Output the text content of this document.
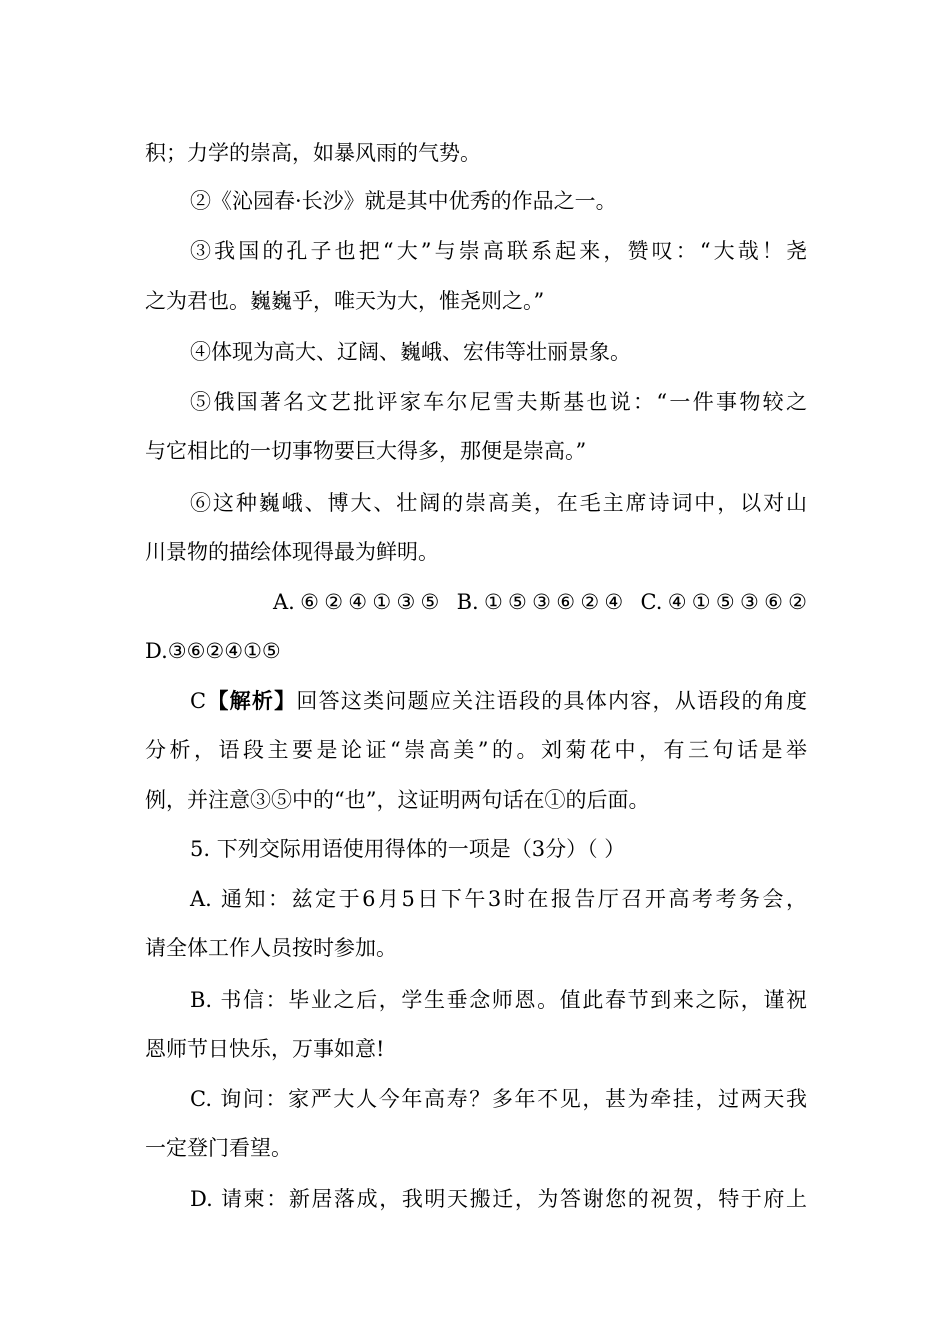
积；力学的崇高，如暴风雨的气势。
②《沁园春·长沙》就是其中优秀的作品之一。
③我国的孔子也把“大”与崇高联系起来，赞叹：“大哉！尧
之为君也。巍巍乎，唯天为大，惟尧则之。”
④体现为高大、辽阔、巍峨、宏伟等壮丽景象。
⑤俄国著名文艺批评家车尔尼雪夫斯基也说：“一件事物较之
与它相比的一切事物要巨大得多，那便是崇高。”
⑥这种巍峨、博大、壮阔的崇高美，在毛主席诗词中，以对山
川景物的描绘体现得最为鲜明。
A.⑥②④①③⑤ B.①⑤③⑥②④ C.④①⑤③⑥②
D.③⑥②④①⑤
C【解析】回答这类问题应关注语段的具体内容，从语段的角度
分析，语段主要是论证“崇高美”的。刘菊花中，有三句话是举
例，并注意③⑤中的“也”，这证明两句话在①的后面。
5. 下列交际用语使用得体的一项是（3分）（ ）
A. 通知：兹定于6月5日下午3时在报告厅召开高考考务会，
请全体工作人员按时参加。
B. 书信：毕业之后，学生垂念师恩。值此春节到来之际，谨祝
恩师节日快乐，万事如意!
C. 询问：家严大人今年高寿？多年不见，甚为牵挂，过两天我
一定登门看望。
D. 请柬：新居落成，我明天搬迁，为答谢您的祝贺，特于府上
